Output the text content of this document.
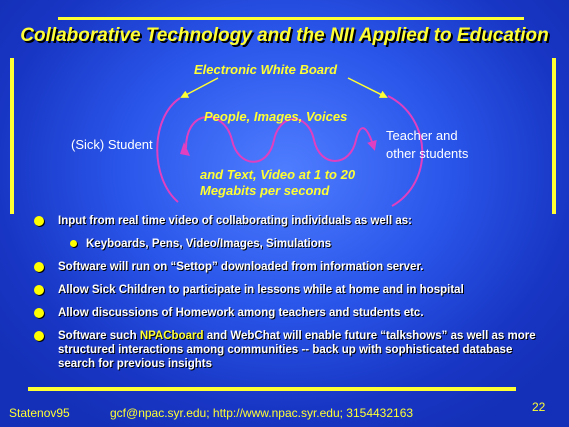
Collaborative Technology and the NII Applied to Education
Electronic White Board
People, Images, Voices
and Text, Video at 1 to 20
Megabits per second
(Sick) Student
Teacher and
other students
Input from real time video of collaborating individuals as well as:
Keyboards, Pens, Video/Images, Simulations
Software will run on “Settop” downloaded from information server.
Allow Sick Children to participate in lessons while at home and in hospital
Allow discussions of Homework among teachers and students etc.
Software such NPACboard and WebChat will enable future “talkshows” as well as more structured interactions among communities -- back up with sophisticated database search for previous insights
Statenov95	gcf@npac.syr.edu; http://www.npac.syr.edu; 3154432163	22
